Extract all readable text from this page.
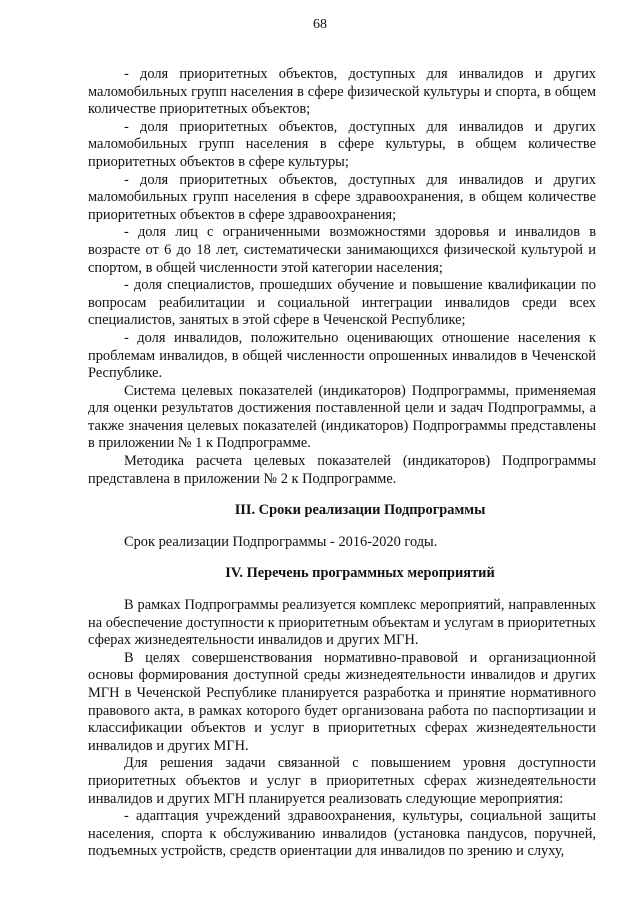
68

- доля приоритетных объектов, доступных для инвалидов и других маломобильных групп населения в сфере физической культуры и спорта, в общем количестве приоритетных объектов;

- доля приоритетных объектов, доступных для инвалидов и других маломобильных групп населения в сфере культуры, в общем количестве приоритетных объектов в сфере культуры;

- доля приоритетных объектов, доступных для инвалидов и других маломобильных групп населения в сфере здравоохранения, в общем количестве приоритетных объектов в сфере здравоохранения;

- доля лиц с ограниченными возможностями здоровья и инвалидов в возрасте от 6 до 18 лет, систематически занимающихся физической культурой и спортом, в общей численности этой категории населения;

- доля специалистов, прошедших обучение и повышение квалификации по вопросам реабилитации и социальной интеграции инвалидов среди всех специалистов, занятых в этой сфере в Чеченской Республике;

- доля инвалидов, положительно оценивающих отношение населения к проблемам инвалидов, в общей численности опрошенных инвалидов в Чеченской Республике.

Система целевых показателей (индикаторов) Подпрограммы, применяемая для оценки результатов достижения поставленной цели и задач Подпрограммы, а также значения целевых показателей (индикаторов) Подпрограммы представлены в приложении № 1 к Подпрограмме.

Методика расчета целевых показателей (индикаторов) Подпрограммы представлена в приложении № 2 к Подпрограмме.

III. Сроки реализации Подпрограммы

Срок реализации Подпрограммы - 2016-2020 годы.

IV. Перечень программных мероприятий

В рамках Подпрограммы реализуется комплекс мероприятий, направленных на обеспечение доступности к приоритетным объектам и услугам в приоритетных сферах жизнедеятельности инвалидов и других МГН.

В целях совершенствования нормативно-правовой и организационной основы формирования доступной среды жизнедеятельности инвалидов и других МГН в Чеченской Республике планируется разработка и принятие нормативного правового акта, в рамках которого будет организована работа по паспортизации и классификации объектов и услуг в приоритетных сферах жизнедеятельности инвалидов и других МГН.

Для решения задачи связанной с повышением уровня доступности приоритетных объектов и услуг в приоритетных сферах жизнедеятельности инвалидов и других МГН планируется реализовать следующие мероприятия:

- адаптация учреждений здравоохранения, культуры, социальной защиты населения, спорта к обслуживанию инвалидов (установка пандусов, поручней, подъемных устройств, средств ориентации для инвалидов по зрению и слуху,
